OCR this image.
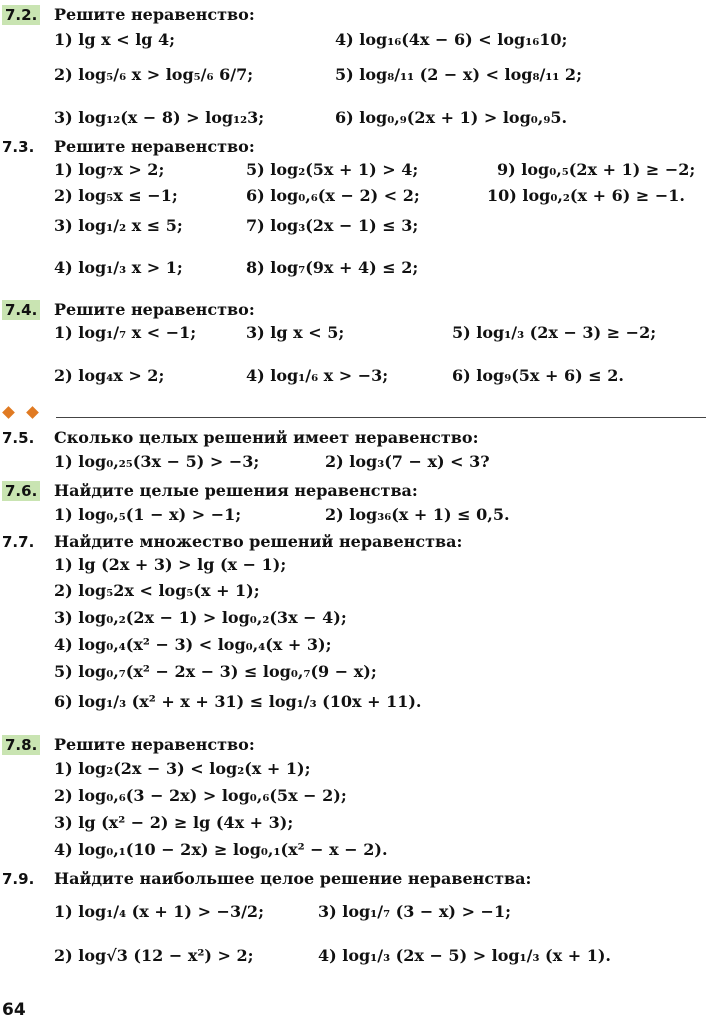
7.2. Решите неравенство:
1) lg x < lg 4;
2) log₅/₆ x > log₅/₆ 6/7;
3) log₁₂(x − 8) > log₁₂3;
4) log₁₆(4x − 6) < log₁₆10;
5) log₈/₁₁ (2 − x) < log₈/₁₁ 2;
6) log₀,₉(2x + 1) > log₀,₉5.
7.3. Решите неравенство:
1) log₇x > 2;
2) log₅x ≤ −1;
3) log₁/₂ x ≤ 5;
4) log₁/₃ x > 1;
5) log₂(5x + 1) > 4;
6) log₀,₆(x − 2) < 2;
7) log₃(2x − 1) ≤ 3;
8) log₇(9x + 4) ≤ 2;
9) log₀,₅(2x + 1) ≥ −2;
10) log₀,₂(x + 6) ≥ −1.
7.4. Решите неравенство:
1) log₁/₇ x < −1;
2) log₄x > 2;
3) lg x < 5;
4) log₁/₆ x > −3;
5) log₁/₃ (2x − 3) ≥ −2;
6) log₉(5x + 6) ≤ 2.
7.5. Сколько целых решений имеет неравенство:
1) log₀,₂₅(3x − 5) > −3;	2) log₃(7 − x) < 3?
7.6. Найдите целые решения неравенства:
1) log₀,₅(1 − x) > −1;	2) log₃₆(x + 1) ≤ 0,5.
7.7. Найдите множество решений неравенства:
1) lg (2x + 3) > lg (x − 1);
2) log₅2x < log₅(x + 1);
3) log₀,₂(2x − 1) > log₀,₂(3x − 4);
4) log₀,₄(x² − 3) < log₀,₄(x + 3);
5) log₀,₇(x² − 2x − 3) ≤ log₀,₇(9 − x);
6) log₁/₃ (x² + x + 31) ≤ log₁/₃ (10x + 11).
7.8. Решите неравенство:
1) log₂(2x − 3) < log₂(x + 1);
2) log₀,₆(3 − 2x) > log₀,₆(5x − 2);
3) lg (x² − 2) ≥ lg (4x + 3);
4) log₀,₁(10 − 2x) ≥ log₀,₁(x² − x − 2).
7.9. Найдите наибольшее целое решение неравенства:
1) log₁/₄ (x + 1) > −3/2;
2) log√3 (12 − x²) > 2;
3) log₁/₇ (3 − x) > −1;
4) log₁/₃ (2x − 5) > log₁/₃ (x + 1).
64
